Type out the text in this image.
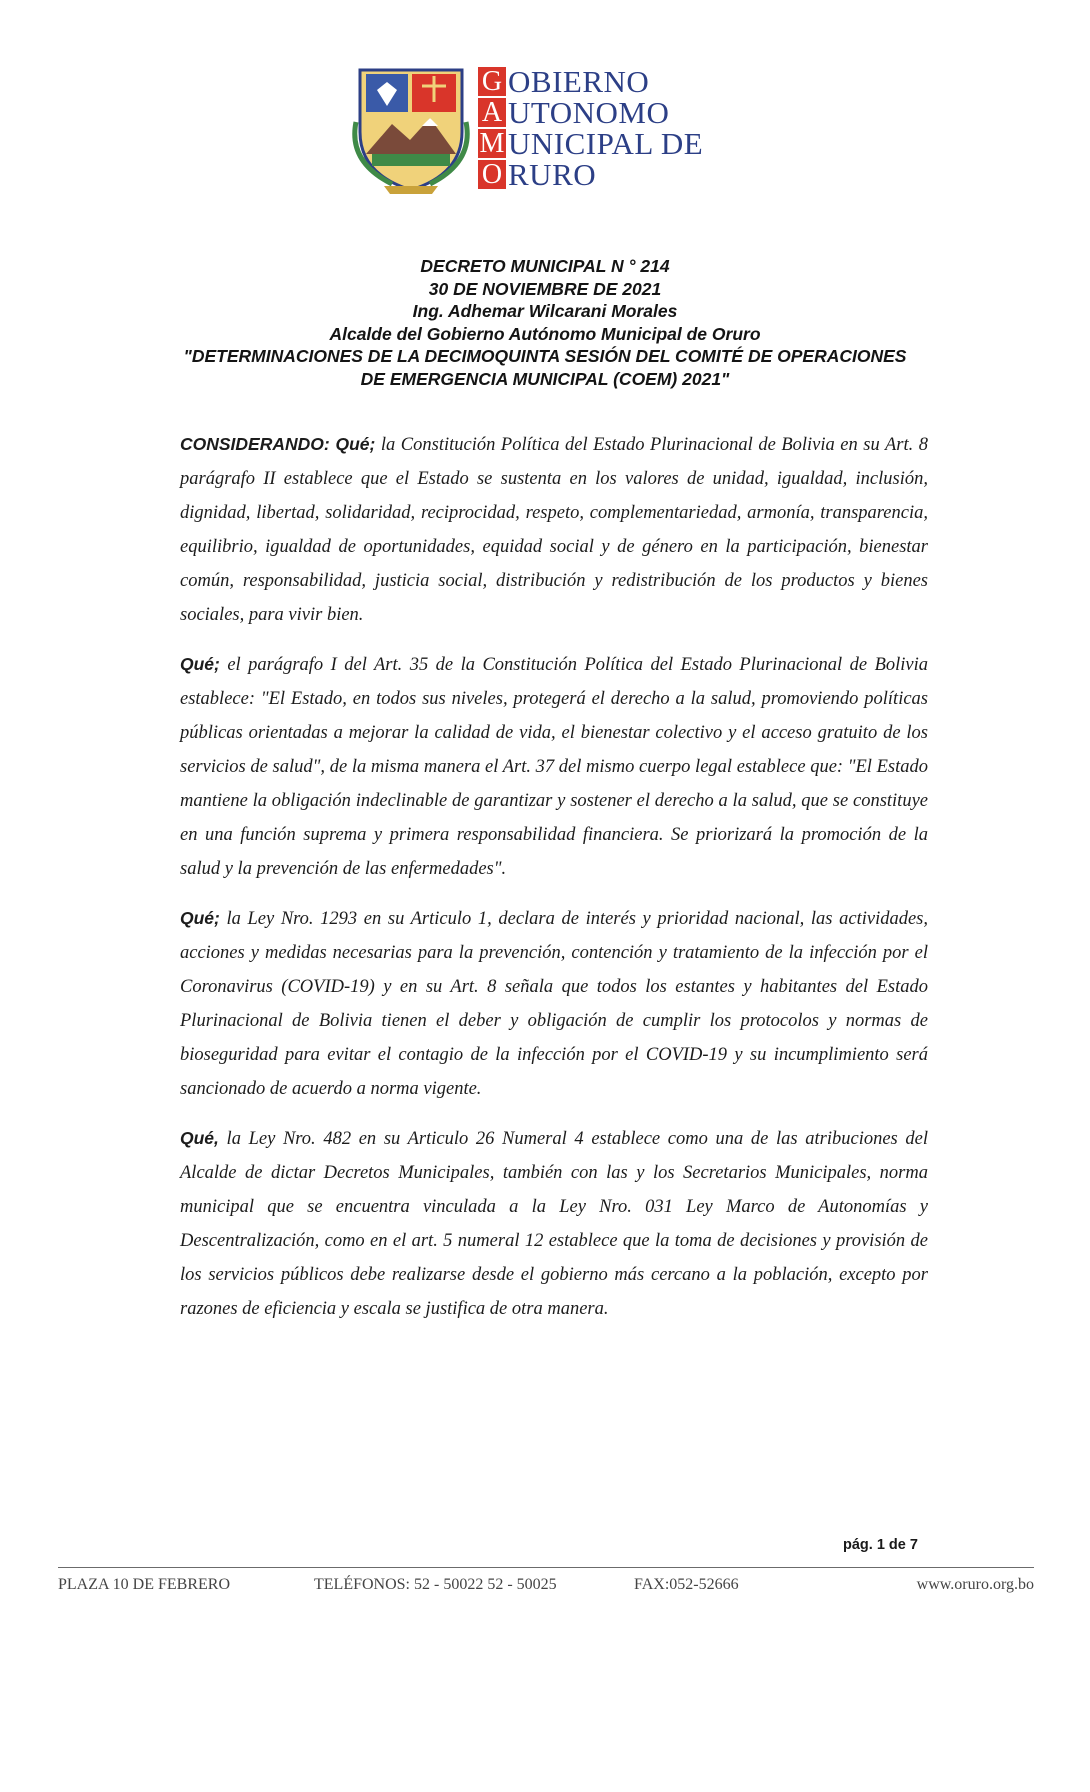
G OBIERNO
A UTONOMO
M UNICIPAL DE
O RURO
DECRETO MUNICIPAL N ° 214
30 DE NOVIEMBRE DE 2021
Ing. Adhemar Wilcarani Morales
Alcalde del Gobierno Autónomo Municipal de Oruro
"DETERMINACIONES DE LA DECIMOQUINTA SESIÓN DEL COMITÉ DE OPERACIONES DE EMERGENCIA MUNICIPAL (COEM) 2021"

CONSIDERANDO: Qué; la Constitución Política del Estado Plurinacional de Bolivia en su Art. 8 parágrafo II establece que el Estado se sustenta en los valores de unidad, igualdad, inclusión, dignidad, libertad, solidaridad, reciprocidad, respeto, complementariedad, armonía, transparencia, equilibrio, igualdad de oportunidades, equidad social y de género en la participación, bienestar común, responsabilidad, justicia social, distribución y redistribución de los productos y bienes sociales, para vivir bien.

Qué; el parágrafo I del Art. 35 de la Constitución Política del Estado Plurinacional de Bolivia establece: "El Estado, en todos sus niveles, protegerá el derecho a la salud, promoviendo políticas públicas orientadas a mejorar la calidad de vida, el bienestar colectivo y el acceso gratuito de los servicios de salud", de la misma manera el Art. 37 del mismo cuerpo legal establece que: "El Estado mantiene la obligación indeclinable de garantizar y sostener el derecho a la salud, que se constituye en una función suprema y primera responsabilidad financiera. Se priorizará la promoción de la salud y la prevención de las enfermedades".

Qué; la Ley Nro. 1293 en su Articulo 1, declara de interés y prioridad nacional, las actividades, acciones y medidas necesarias para la prevención, contención y tratamiento de la infección por el Coronavirus (COVID-19) y en su Art. 8 señala que todos los estantes y habitantes del Estado Plurinacional de Bolivia tienen el deber y obligación de cumplir los protocolos y normas de bioseguridad para evitar el contagio de la infección por el COVID-19 y su incumplimiento será sancionado de acuerdo a norma vigente.

Qué, la Ley Nro. 482 en su Articulo 26 Numeral 4 establece como una de las atribuciones del Alcalde de dictar Decretos Municipales, también con las y los Secretarios Municipales, norma municipal que se encuentra vinculada a la Ley Nro. 031 Ley Marco de Autonomías y Descentralización, como en el art. 5 numeral 12 establece que la toma de decisiones y provisión de los servicios públicos debe realizarse desde el gobierno más cercano a la población, excepto por razones de eficiencia y escala se justifica de otra manera.

pág. 1 de 7
PLAZA 10 DE FEBRERO	TELÉFONOS: 52 - 50022 52 - 50025	FAX:052-52666	www.oruro.org.bo
